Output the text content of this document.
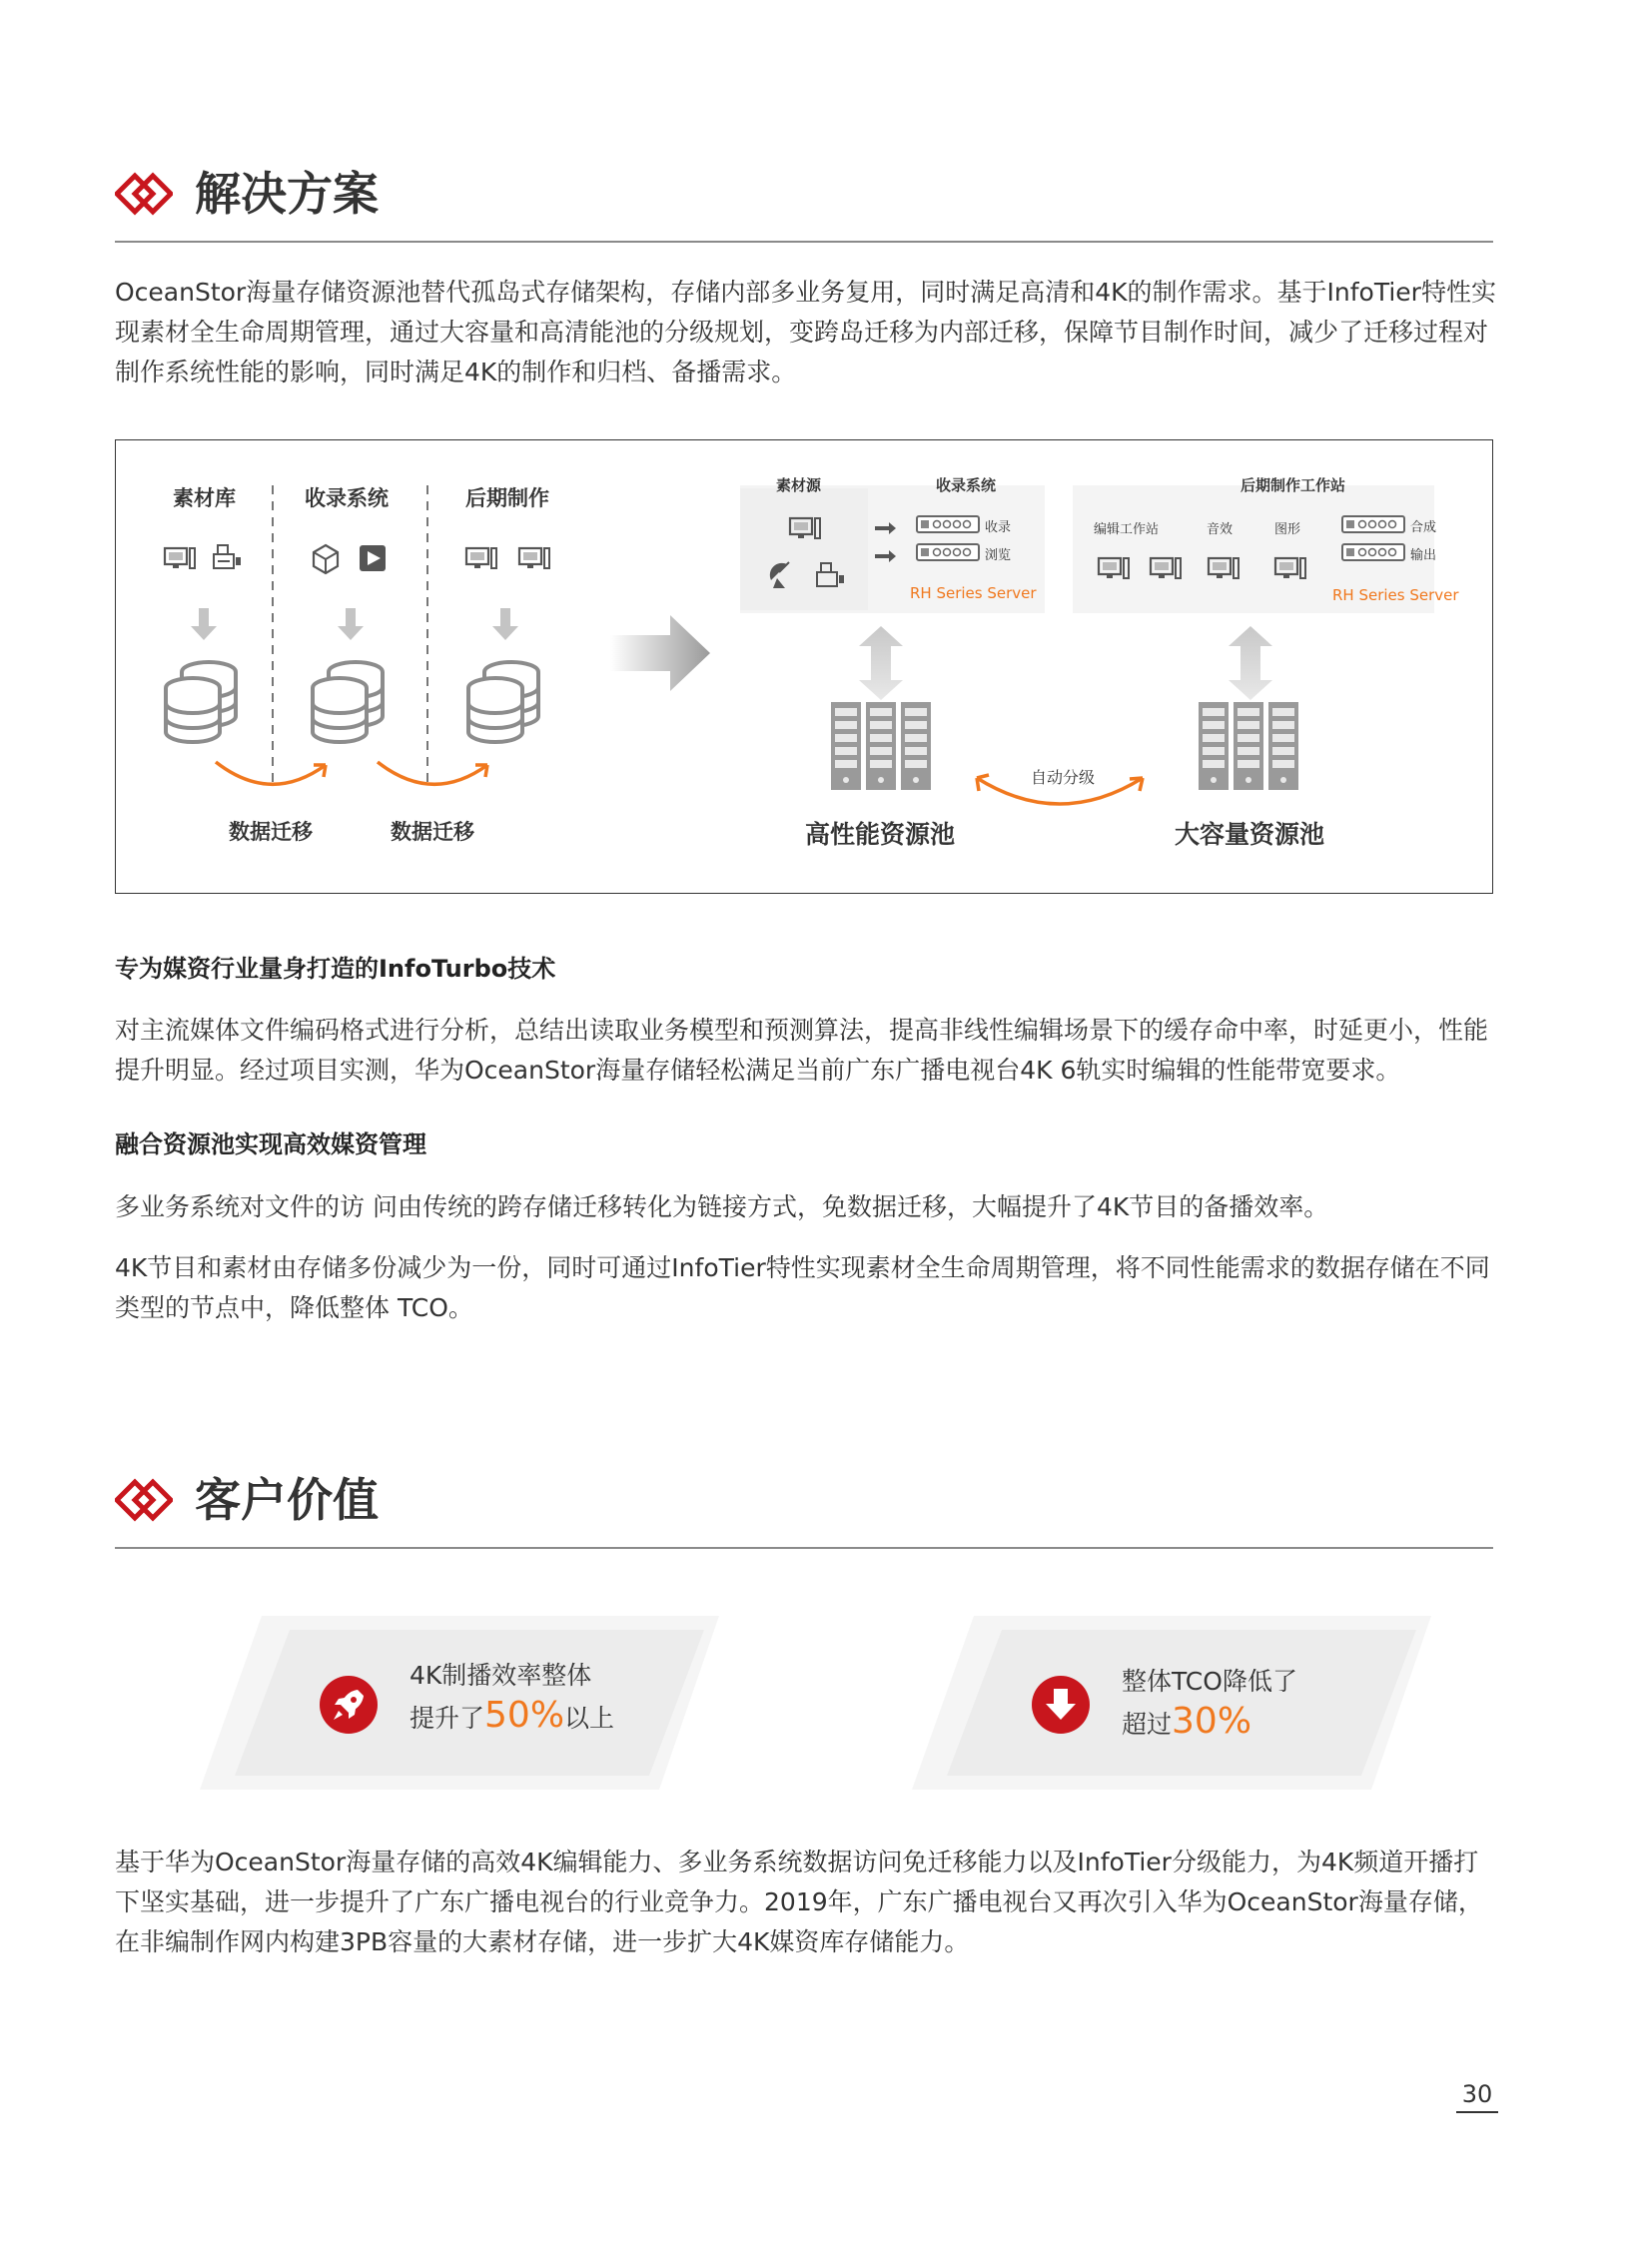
解决方案

OceanStor海量存储资源池替代孤岛式存储架构，存储内部多业务复用，同时满足高清和4K的制作需求。基于InfoTier特性实现素材全生命周期管理，通过大容量和高清能池的分级规划，变跨岛迁移为内部迁移，保障节目制作时间，减少了迁移过程对制作系统性能的影响，同时满足4K的制作和归档、备播需求。

素材库	收录系统	后期制作
数据迁移	数据迁移
素材源	收录系统
收录
浏览
RH Series Server
后期制作工作站
编辑工作站	音效	图形	合成
输出
RH Series Server
自动分级
高性能资源池	大容量资源池
专为媒资行业量身打造的InfoTurbo技术

对主流媒体文件编码格式进行分析，总结出读取业务模型和预测算法，提高非线性编辑场景下的缓存命中率，时延更小，性能提升明显。经过项目实测，华为OceanStor海量存储轻松满足当前广东广播电视台4K 6轨实时编辑的性能带宽要求。

融合资源池实现高效媒资管理

多业务系统对文件的访 问由传统的跨存储迁移转化为链接方式，免数据迁移，大幅提升了4K节目的备播效率。

4K节目和素材由存储多份减少为一份，同时可通过InfoTier特性实现素材全生命周期管理，将不同性能需求的数据存储在不同类型的节点中，降低整体 TCO。

客户价值
4K制播效率整体
提升了50%以上
整体TCO降低了
超过30%

基于华为OceanStor海量存储的高效4K编辑能力、多业务系统数据访问免迁移能力以及InfoTier分级能力，为4K频道开播打下坚实基础，进一步提升了广东广播电视台的行业竞争力。2019年，广东广播电视台又再次引入华为OceanStor海量存储，在非编制作网内构建3PB容量的大素材存储，进一步扩大4K媒资库存储能力。

30
